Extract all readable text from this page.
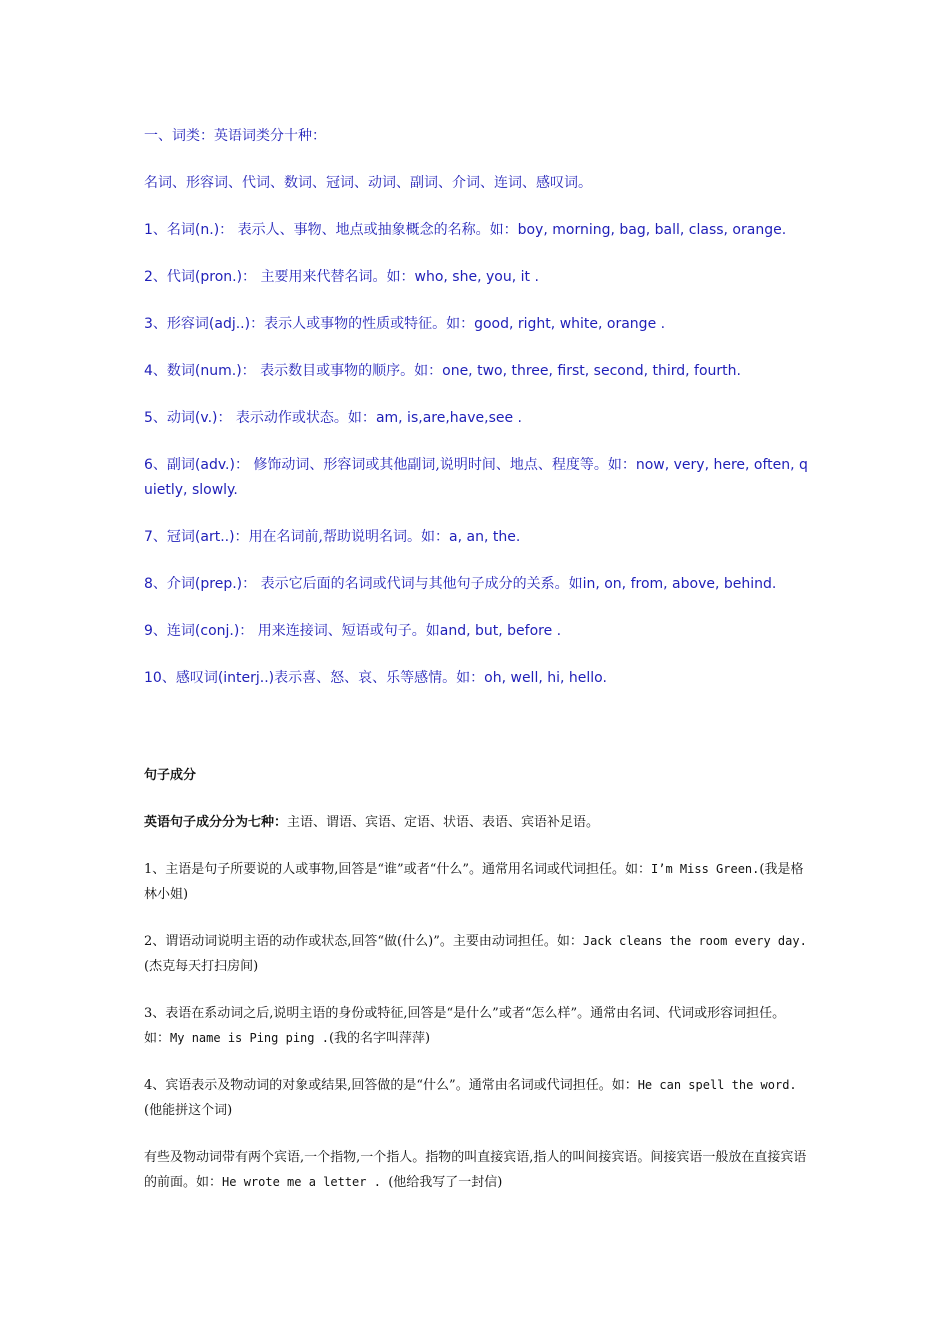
一、词类：英语词类分十种：

名词、形容词、代词、数词、冠词、动词、副词、介词、连词、感叹词。

1、名词(n.)： 表示人、事物、地点或抽象概念的名称。如：boy, morning, bag, ball, class, orange.

2、代词(pron.)： 主要用来代替名词。如：who, she, you, it .

3、形容词(adj..)：表示人或事物的性质或特征。如：good, right, white, orange .

4、数词(num.)： 表示数目或事物的顺序。如：one, two, three, first, second, third, fourth.

5、动词(v.)： 表示动作或状态。如：am, is,are,have,see .

6、副词(adv.)： 修饰动词、形容词或其他副词,说明时间、地点、程度等。如：now, very, here, often, quietly, slowly.

7、冠词(art..)：用在名词前,帮助说明名词。如：a, an, the.

8、介词(prep.)： 表示它后面的名词或代词与其他句子成分的关系。如in, on, from, above, behind.

9、连词(conj.)： 用来连接词、短语或句子。如and, but, before .

10、感叹词(interj..)表示喜、怒、哀、乐等感情。如：oh, well, hi, hello.

句子成分

英语句子成分分为七种：主语、谓语、宾语、定语、状语、表语、宾语补足语。

1、主语是句子所要说的人或事物,回答是“谁”或者“什么”。通常用名词或代词担任。如：I’m Miss Green.(我是格林小姐)

2、谓语动词说明主语的动作或状态,回答“做(什么)”。主要由动词担任。如：Jack cleans the room every day. (杰克每天打扫房间)

3、表语在系动词之后,说明主语的身份或特征,回答是“是什么”或者“怎么样”。通常由名词、代词或形容词担任。如：My name is Ping ping .(我的名字叫萍萍)

4、宾语表示及物动词的对象或结果,回答做的是“什么”。通常由名词或代词担任。如：He can spell the word.(他能拼这个词)

有些及物动词带有两个宾语,一个指物,一个指人。指物的叫直接宾语,指人的叫间接宾语。间接宾语一般放在直接宾语的前面。如：He wrote me a letter . (他给我写了一封信)
